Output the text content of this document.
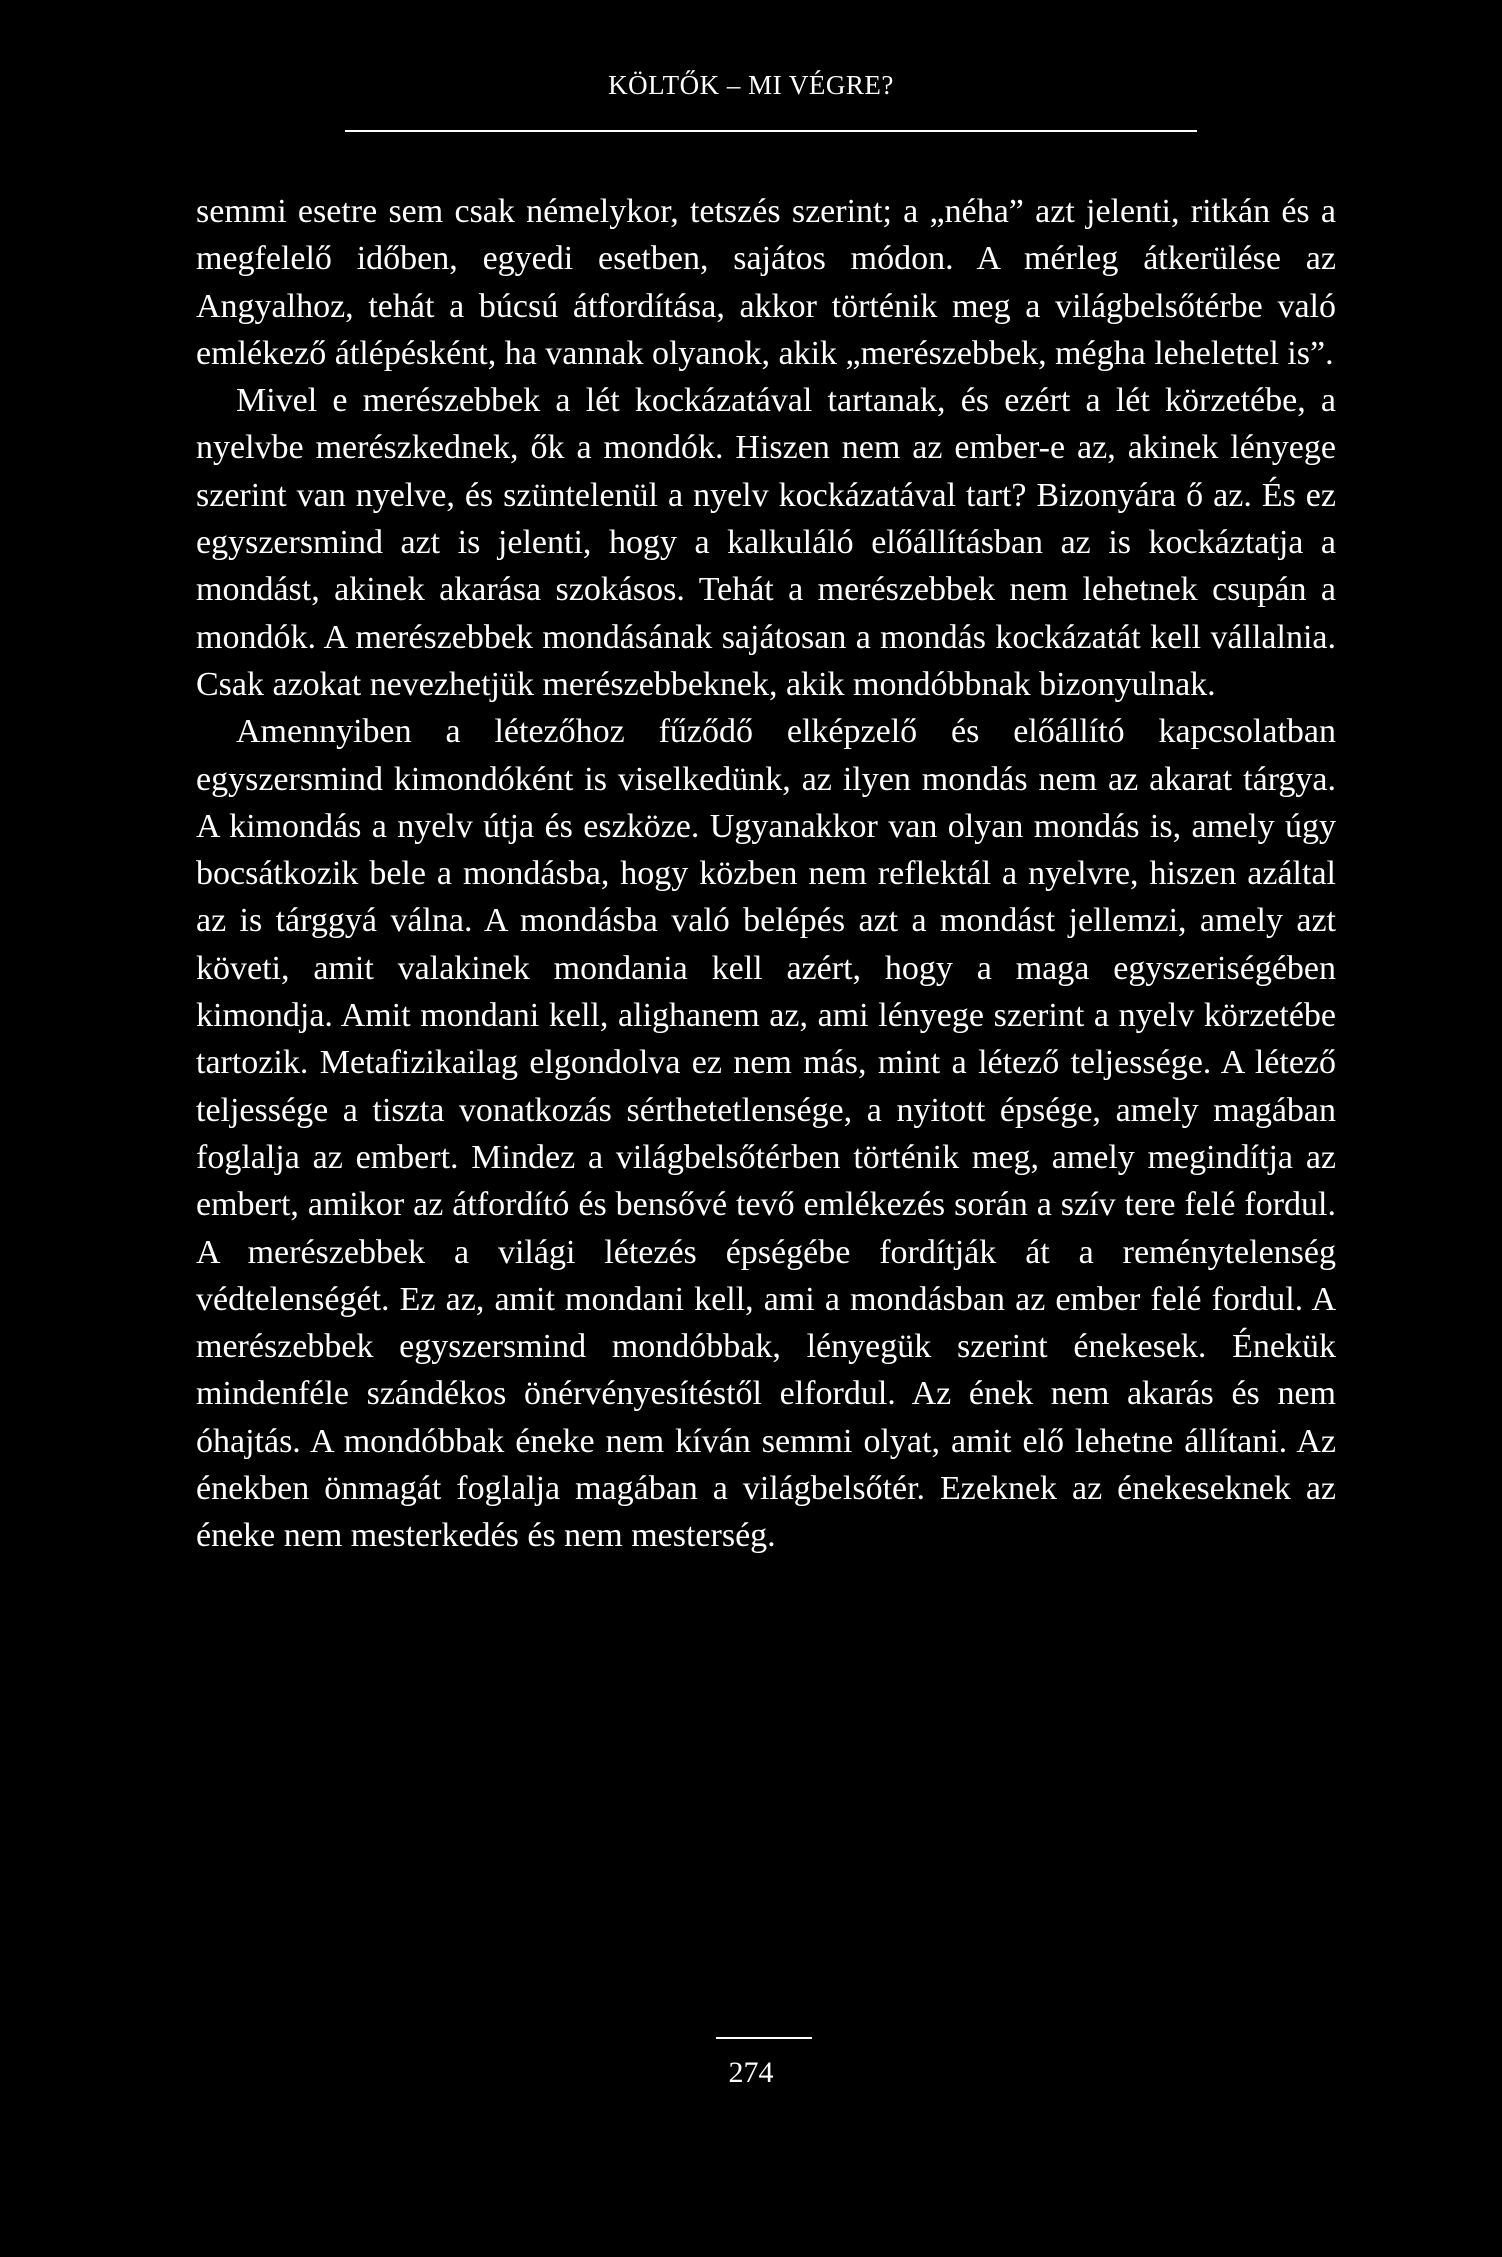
KÖLTŐK – MI VÉGRE?

semmi esetre sem csak némelykor, tetszés szerint; a „néha” azt jelenti, ritkán és a megfelelő időben, egyedi esetben, sajátos módon. A mérleg átkerülése az Angyalhoz, tehát a búcsú átfordítása, akkor történik meg a világbelsőtérbe való emlékező átlépésként, ha vannak olyanok, akik „merészebbek, mégha lehelettel is”.

Mivel e merészebbek a lét kockázatával tartanak, és ezért a lét körzetébe, a nyelvbe merészkednek, ők a mondók. Hiszen nem az ember-e az, akinek lényege szerint van nyelve, és szüntelenül a nyelv kockázatával tart? Bizonyára ő az. És ez egyszersmind azt is jelenti, hogy a kalkuláló előállításban az is kockáztatja a mondást, akinek akarása szokásos. Tehát a merészebbek nem lehetnek csupán a mondók. A merészebbek mondásának sajátosan a mondás kockázatát kell vállalnia. Csak azokat nevezhetjük merészebbeknek, akik mondóbbnak bizonyulnak.

Amennyiben a létezőhoz fűződő elképzelő és előállító kapcsolatban egyszersmind kimondóként is viselkedünk, az ilyen mondás nem az akarat tárgya. A kimondás a nyelv útja és eszköze. Ugyanakkor van olyan mondás is, amely úgy bocsátkozik bele a mondásba, hogy közben nem reflektál a nyelvre, hiszen azáltal az is tárggyá válna. A mondásba való belépés azt a mondást jellemzi, amely azt követi, amit valakinek mondania kell azért, hogy a maga egyszeriségében kimondja. Amit mondani kell, alighanem az, ami lényege szerint a nyelv körzetébe tartozik. Metafizikailag elgondolva ez nem más, mint a létező teljessége. A létező teljessége a tiszta vonatkozás sérthetetlensége, a nyitott épsége, amely magában foglalja az embert. Mindez a világbelsőtérben történik meg, amely megindítja az embert, amikor az átfordító és bensővé tevő emlékezés során a szív tere felé fordul. A merészebbek a világi létezés épségébe fordítják át a reménytelenség védtelenségét. Ez az, amit mondani kell, ami a mondásban az ember felé fordul. A merészebbek egyszersmind mondóbbak, lényegük szerint énekesek. Énekük mindenféle szándékos önérvényesítéstől elfordul. Az ének nem akarás és nem óhajtás. A mondóbbak éneke nem kíván semmi olyat, amit elő lehetne állítani. Az énekben önmagát foglalja magában a világbelsőtér. Ezeknek az énekeseknek az éneke nem mesterkedés és nem mesterség.

274
